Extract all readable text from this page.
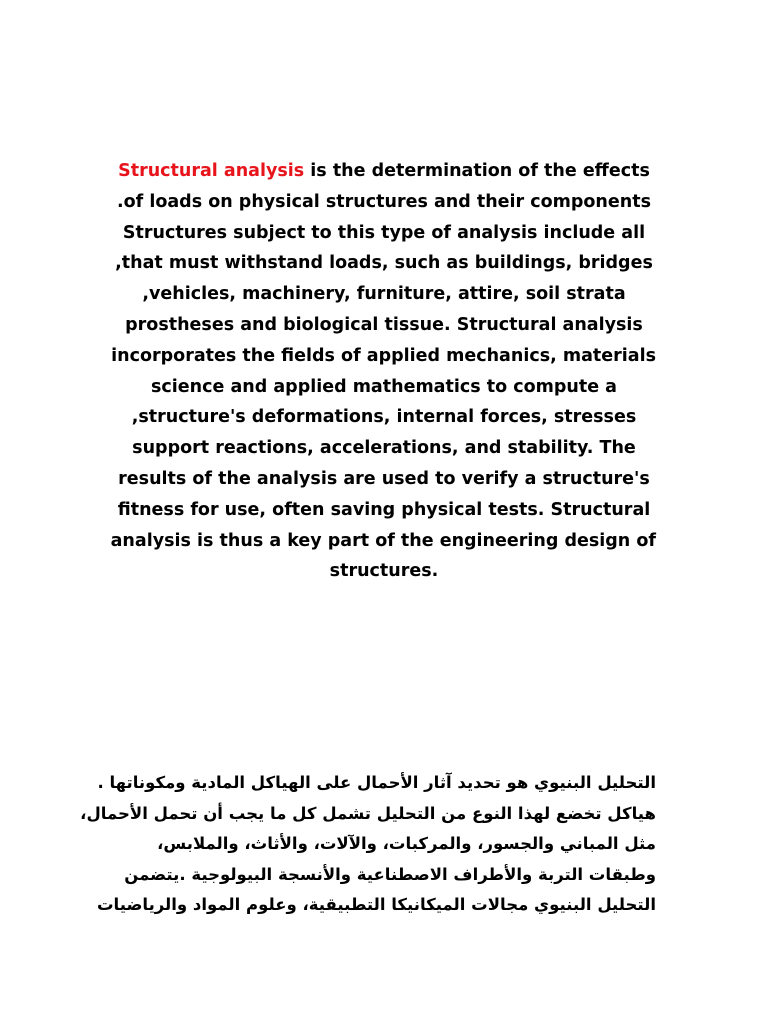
Structural analysis is the determination of the effects
of loads on physical structures and their components.
Structures subject to this type of analysis include all
that must withstand loads, such as buildings, bridges,
vehicles, machinery, furniture, attire, soil strata,
prostheses and biological tissue. Structural analysis
incorporates the fields of applied mechanics, materials
science and applied mathematics to compute a
structure's deformations, internal forces, stresses,
support reactions, accelerations, and stability. The
results of the analysis are used to verify a structure's
fitness for use, often saving physical tests. Structural
analysis is thus a key part of the engineering design of
.structures
التحليل البنيوي هو تحديد آثار الأحمال على الهياكل المادية ومكوناتها .
هياكل تخضع لهذا النوع من التحليل تشمل كل ما يجب أن تحمل الأحمال،
مثل المباني والجسور، والمركبات، والآلات، والأثاث، والملابس،
وطبقات التربة والأطراف الاصطناعية والأنسجة البيولوجية .يتضمن
التحليل البنيوي مجالات الميكانيكا التطبيقية، وعلوم المواد والرياضيات
